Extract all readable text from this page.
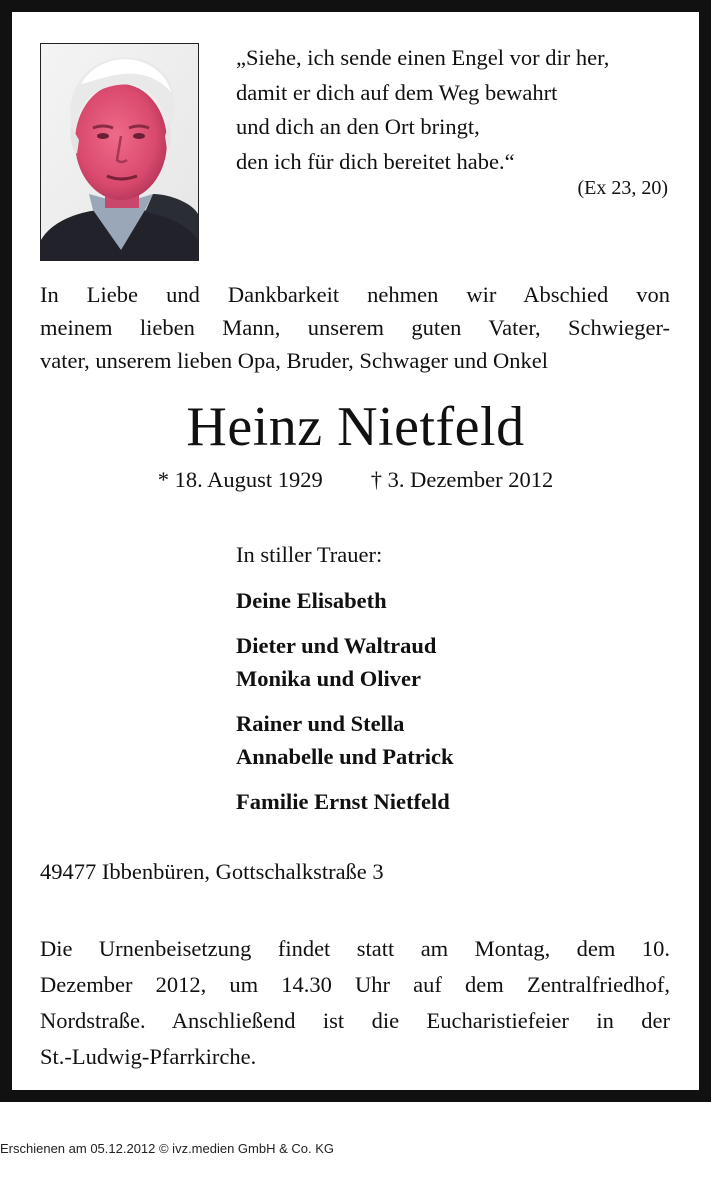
„Siehe, ich sende einen Engel vor dir her,
damit er dich auf dem Weg bewahrt
und dich an den Ort bringt,
den ich für dich bereitet habe.“
(Ex 23, 20)
In Liebe und Dankbarkeit nehmen wir Abschied von
meinem lieben Mann, unserem guten Vater, Schwieger-
vater, unserem lieben Opa, Bruder, Schwager und Onkel
Heinz Nietfeld
* 18. August 1929 † 3. Dezember 2012
In stiller Trauer:
Deine Elisabeth
Dieter und Waltraud
Monika und Oliver
Rainer und Stella
Annabelle und Patrick
Familie Ernst Nietfeld
49477 Ibbenbüren, Gottschalkstraße 3
Die Urnenbeisetzung findet statt am Montag, dem 10.
Dezember 2012, um 14.30 Uhr auf dem Zentralfriedhof,
Nordstraße. Anschließend ist die Eucharistiefeier in der
St.-Ludwig-Pfarrkirche.
Erschienen am 05.12.2012 © ivz.medien GmbH & Co. KG
